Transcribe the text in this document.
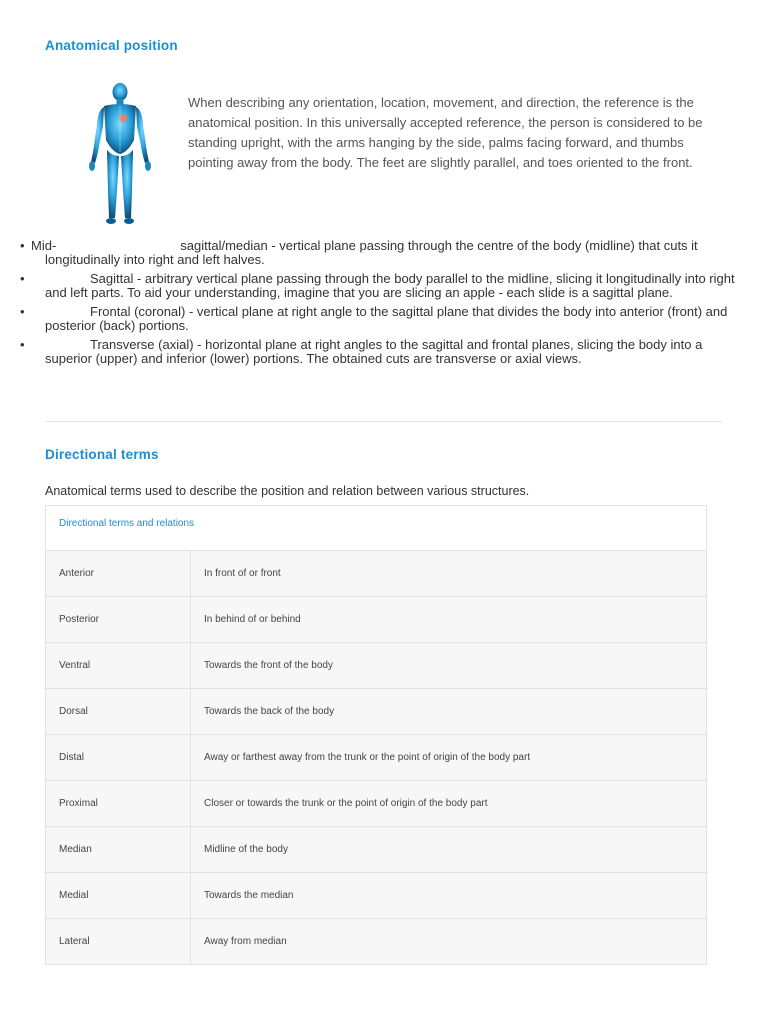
Anatomical position

When describing any orientation, location, movement, and direction, the reference is the anatomical position. In this universally accepted reference, the person is considered to be standing upright, with the arms hanging by the side, palms facing forward, and thumbs pointing away from the body. The feet are slightly parallel, and toes oriented to the front.

• Mid-	sagittal/median - vertical plane passing through the centre of the body (midline) that cuts it longitudinally into right and left halves.
•	Sagittal - arbitrary vertical plane passing through the body parallel to the midline, slicing it longitudinally into right and left parts. To aid your understanding, imagine that you are slicing an apple - each slide is a sagittal plane.
•	Frontal (coronal) - vertical plane at right angle to the sagittal plane that divides the body into anterior (front) and posterior (back) portions.
•	Transverse (axial) - horizontal plane at right angles to the sagittal and frontal planes, slicing the body into a superior (upper) and inferior (lower) portions. The obtained cuts are transverse or axial views.
Directional terms

Anatomical terms used to describe the position and relation between various structures.

Directional terms and relations
Anterior	In front of or front
Posterior	In behind of or behind
Ventral	Towards the front of the body
Dorsal	Towards the back of the body
Distal	Away or farthest away from the trunk or the point of origin of the body part
Proximal	Closer or towards the trunk or the point of origin of the body part
Median	Midline of the body
Medial	Towards the median
Lateral	Away from median
